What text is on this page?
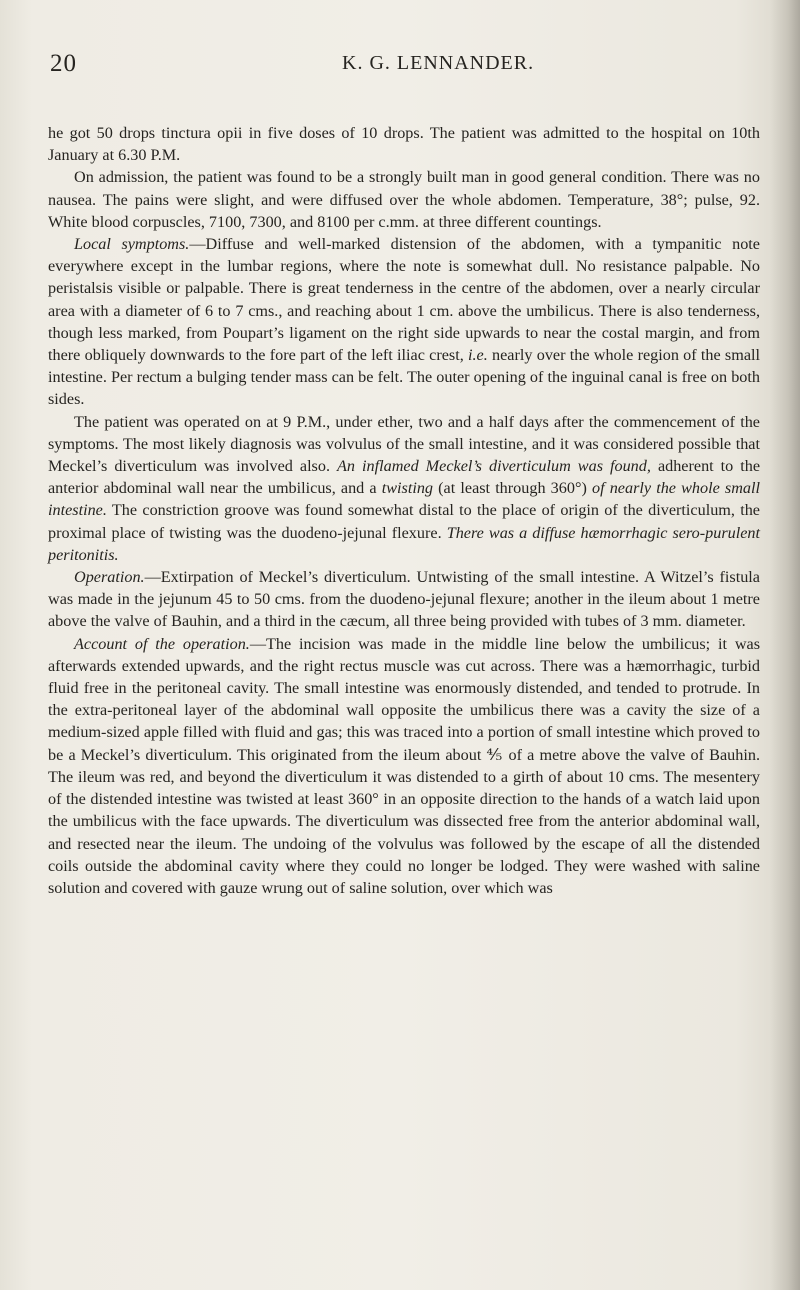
20	K. G. LENNANDER.

he got 50 drops tinctura opii in five doses of 10 drops. The patient was admitted to the hospital on 10th January at 6.30 P.M.

On admission, the patient was found to be a strongly built man in good general condition. There was no nausea. The pains were slight, and were diffused over the whole abdomen. Temperature, 38°; pulse, 92. White blood corpuscles, 7100, 7300, and 8100 per c.mm. at three different countings.

Local symptoms.—Diffuse and well-marked distension of the abdomen, with a tympanitic note everywhere except in the lumbar regions, where the note is somewhat dull. No resistance palpable. No peristalsis visible or palpable. There is great tenderness in the centre of the abdomen, over a nearly circular area with a diameter of 6 to 7 cms., and reaching about 1 cm. above the umbilicus. There is also tenderness, though less marked, from Poupart’s ligament on the right side upwards to near the costal margin, and from there obliquely downwards to the fore part of the left iliac crest, i.e. nearly over the whole region of the small intestine. Per rectum a bulging tender mass can be felt. The outer opening of the inguinal canal is free on both sides.

The patient was operated on at 9 P.M., under ether, two and a half days after the commencement of the symptoms. The most likely diagnosis was volvulus of the small intestine, and it was considered possible that Meckel’s diverticulum was involved also. An inflamed Meckel’s diverticulum was found, adherent to the anterior abdominal wall near the umbilicus, and a twisting (at least through 360°) of nearly the whole small intestine. The constriction groove was found somewhat distal to the place of origin of the diverticulum, the proximal place of twisting was the duodeno-jejunal flexure. There was a diffuse hæmorrhagic sero-purulent peritonitis.

Operation.—Extirpation of Meckel’s diverticulum. Untwisting of the small intestine. A Witzel’s fistula was made in the jejunum 45 to 50 cms. from the duodeno-jejunal flexure; another in the ileum about 1 metre above the valve of Bauhin, and a third in the cæcum, all three being provided with tubes of 3 mm. diameter.

Account of the operation.—The incision was made in the middle line below the umbilicus; it was afterwards extended upwards, and the right rectus muscle was cut across. There was a hæmorrhagic, turbid fluid free in the peritoneal cavity. The small intestine was enormously distended, and tended to protrude. In the extra-peritoneal layer of the abdominal wall opposite the umbilicus there was a cavity the size of a medium-sized apple filled with fluid and gas; this was traced into a portion of small intestine which proved to be a Meckel’s diverticulum. This originated from the ileum about ⅘ of a metre above the valve of Bauhin. The ileum was red, and beyond the diverticulum it was distended to a girth of about 10 cms. The mesentery of the distended intestine was twisted at least 360° in an opposite direction to the hands of a watch laid upon the umbilicus with the face upwards. The diverticulum was dissected free from the anterior abdominal wall, and resected near the ileum. The undoing of the volvulus was followed by the escape of all the distended coils outside the abdominal cavity where they could no longer be lodged. They were washed with saline solution and covered with gauze wrung out of saline solution, over which was
